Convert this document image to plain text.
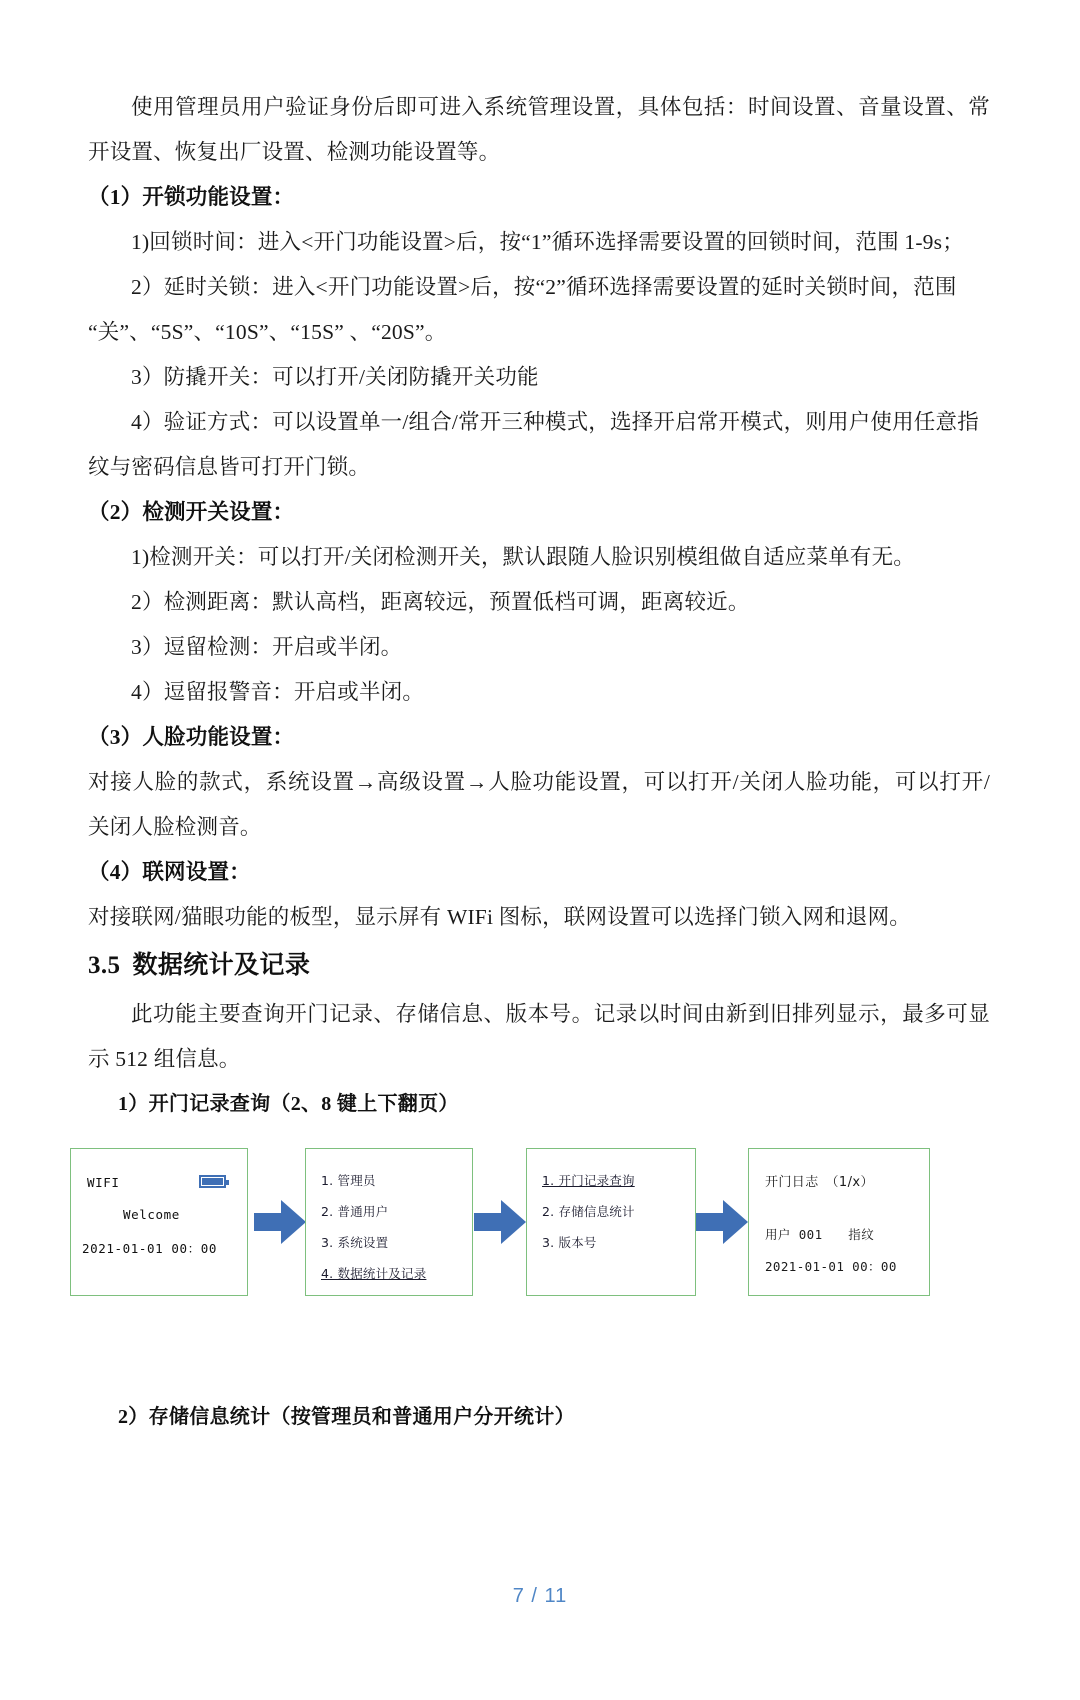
使用管理员用户验证身份后即可进入系统管理设置，具体包括：时间设置、音量设置、常开设置、恢复出厂设置、检测功能设置等。

（1）开锁功能设置：

1)回锁时间：进入<开门功能设置>后，按“1”循环选择需要设置的回锁时间，范围 1-9s；

2）延时关锁：进入<开门功能设置>后，按“2”循环选择需要设置的延时关锁时间，范围 “关”、“5S”、“10S”、“15S” 、“20S”。

3）防撬开关：可以打开/关闭防撬开关功能

4）验证方式：可以设置单一/组合/常开三种模式，选择开启常开模式，则用户使用任意指纹与密码信息皆可打开门锁。

（2）检测开关设置：

1)检测开关：可以打开/关闭检测开关，默认跟随人脸识别模组做自适应菜单有无。

2）检测距离：默认高档，距离较远，预置低档可调，距离较近。

3）逗留检测：开启或半闭。

4）逗留报警音：开启或半闭。

（3）人脸功能设置：

对接人脸的款式，系统设置→高级设置→人脸功能设置，可以打开/关闭人脸功能，可以打开/关闭人脸检测音。

（4）联网设置：

对接联网/猫眼功能的板型，显示屏有 WIFi 图标，联网设置可以选择门锁入网和退网。

3.5 数据统计及记录

此功能主要查询开门记录、存储信息、版本号。记录以时间由新到旧排列显示，最多可显示 512 组信息。

1）开门记录查询（2、8 键上下翻页）

WIFI
Welcome
2021-01-01 00：00
1. 管理员
2. 普通用户
3. 系统设置
4. 数据统计及记录
1. 开门记录查询
2. 存储信息统计
3. 版本号
开门日志　（1/x）
用户 001　　指纹
2021-01-01 00：00

2）存储信息统计（按管理员和普通用户分开统计）

7 / 11
